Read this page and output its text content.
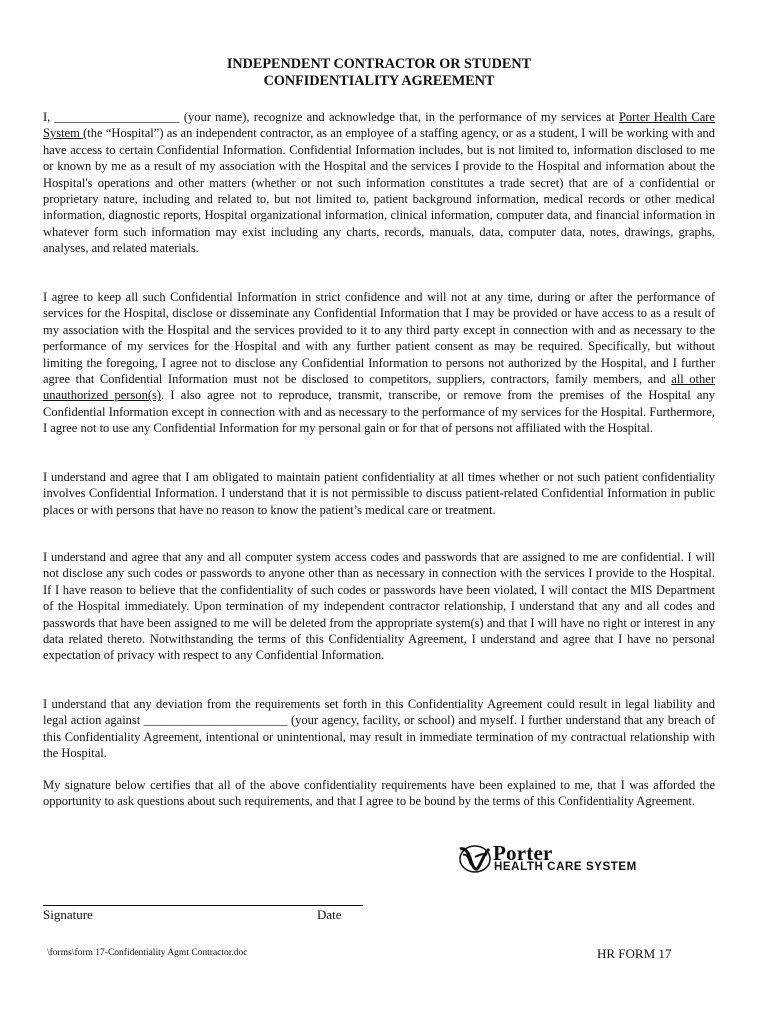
INDEPENDENT CONTRACTOR OR STUDENT
CONFIDENTIALITY AGREEMENT

I, ____________________ (your name), recognize and acknowledge that, in the performance of my services at Porter Health Care System (the “Hospital”) as an independent contractor, as an employee of a staffing agency, or as a student, I will be working with and have access to certain Confidential Information. Confidential Information includes, but is not limited to, information disclosed to me or known by me as a result of my association with the Hospital and the services I provide to the Hospital and information about the Hospital's operations and other matters (whether or not such information constitutes a trade secret) that are of a confidential or proprietary nature, including and related to, but not limited to, patient background information, medical records or other medical information, diagnostic reports, Hospital organizational information, clinical information, computer data, and financial information in whatever form such information may exist including any charts, records, manuals, data, computer data, notes, drawings, graphs, analyses, and related materials.

I agree to keep all such Confidential Information in strict confidence and will not at any time, during or after the performance of services for the Hospital, disclose or disseminate any Confidential Information that I may be provided or have access to as a result of my association with the Hospital and the services provided to it to any third party except in connection with and as necessary to the performance of my services for the Hospital and with any further patient consent as may be required. Specifically, but without limiting the foregoing, I agree not to disclose any Confidential Information to persons not authorized by the Hospital, and I further agree that Confidential Information must not be disclosed to competitors, suppliers, contractors, family members, and all other unauthorized person(s). I also agree not to reproduce, transmit, transcribe, or remove from the premises of the Hospital any Confidential Information except in connection with and as necessary to the performance of my services for the Hospital. Furthermore, I agree not to use any Confidential Information for my personal gain or for that of persons not affiliated with the Hospital.

I understand and agree that I am obligated to maintain patient confidentiality at all times whether or not such patient confidentiality involves Confidential Information. I understand that it is not permissible to discuss patient-related Confidential Information in public places or with persons that have no reason to know the patient’s medical care or treatment.

I understand and agree that any and all computer system access codes and passwords that are assigned to me are confidential. I will not disclose any such codes or passwords to anyone other than as necessary in connection with the services I provide to the Hospital. If I have reason to believe that the confidentiality of such codes or passwords have been violated, I will contact the MIS Department of the Hospital immediately. Upon termination of my independent contractor relationship, I understand that any and all codes and passwords that have been assigned to me will be deleted from the appropriate system(s) and that I will have no right or interest in any data related thereto. Notwithstanding the terms of this Confidentiality Agreement, I understand and agree that I have no personal expectation of privacy with respect to any Confidential Information.

I understand that any deviation from the requirements set forth in this Confidentiality Agreement could result in legal liability and legal action against _______________________ (your agency, facility, or school) and myself. I further understand that any breach of this Confidentiality Agreement, intentional or unintentional, may result in immediate termination of my contractual relationship with the Hospital.

My signature below certifies that all of the above confidentiality requirements have been explained to me, that I was afforded the opportunity to ask questions about such requirements, and that I agree to be bound by the terms of this Confidentiality Agreement.

Porter
HEALTH CARE SYSTEM
Signature	Date
\forms\form 17-Confidentiality Agmt Contractor.doc	HR FORM 17
